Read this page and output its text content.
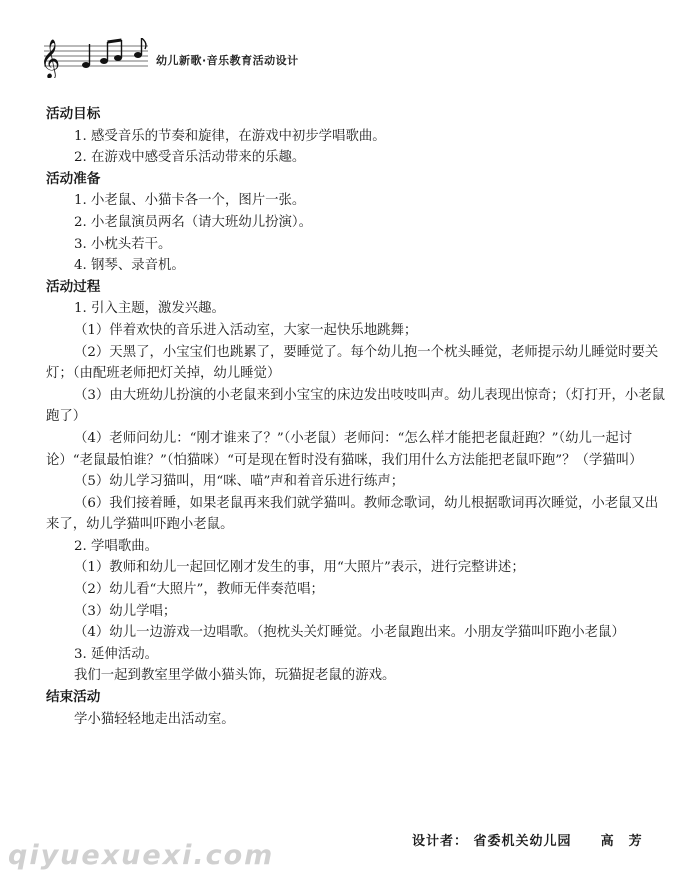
𝄞	幼儿新歌·音乐教育活动设计

活动目标

1. 感受音乐的节奏和旋律，在游戏中初步学唱歌曲。

2. 在游戏中感受音乐活动带来的乐趣。

活动准备

1. 小老鼠、小猫卡各一个，图片一张。

2. 小老鼠演员两名（请大班幼儿扮演）。

3. 小枕头若干。

4. 钢琴、录音机。

活动过程

1. 引入主题，激发兴趣。

（1）伴着欢快的音乐进入活动室，大家一起快乐地跳舞；

（2）天黑了，小宝宝们也跳累了，要睡觉了。每个幼儿抱一个枕头睡觉，老师提示幼儿睡觉时要关灯；（由配班老师把灯关掉，幼儿睡觉）

（3）由大班幼儿扮演的小老鼠来到小宝宝的床边发出吱吱叫声。幼儿表现出惊奇；（灯打开，小老鼠跑了）

（4）老师问幼儿：“刚才谁来了？”（小老鼠）老师问：“怎么样才能把老鼠赶跑？”（幼儿一起讨论）“老鼠最怕谁？”（怕猫咪）“可是现在暂时没有猫咪，我们用什么方法能把老鼠吓跑”？（学猫叫）

（5）幼儿学习猫叫，用“咪、喵”声和着音乐进行练声；

（6）我们接着睡，如果老鼠再来我们就学猫叫。教师念歌词，幼儿根据歌词再次睡觉，小老鼠又出来了，幼儿学猫叫吓跑小老鼠。

2. 学唱歌曲。

（1）教师和幼儿一起回忆刚才发生的事，用“大照片”表示，进行完整讲述；

（2）幼儿看“大照片”，教师无伴奏范唱；

（3）幼儿学唱；

（4）幼儿一边游戏一边唱歌。（抱枕头关灯睡觉。小老鼠跑出来。小朋友学猫叫吓跑小老鼠）

3. 延伸活动。

我们一起到教室里学做小猫头饰，玩猫捉老鼠的游戏。

结束活动

学小猫轻轻地走出活动室。

设计者： 省委机关幼儿园 高　芳
qiyuexuexi.com
